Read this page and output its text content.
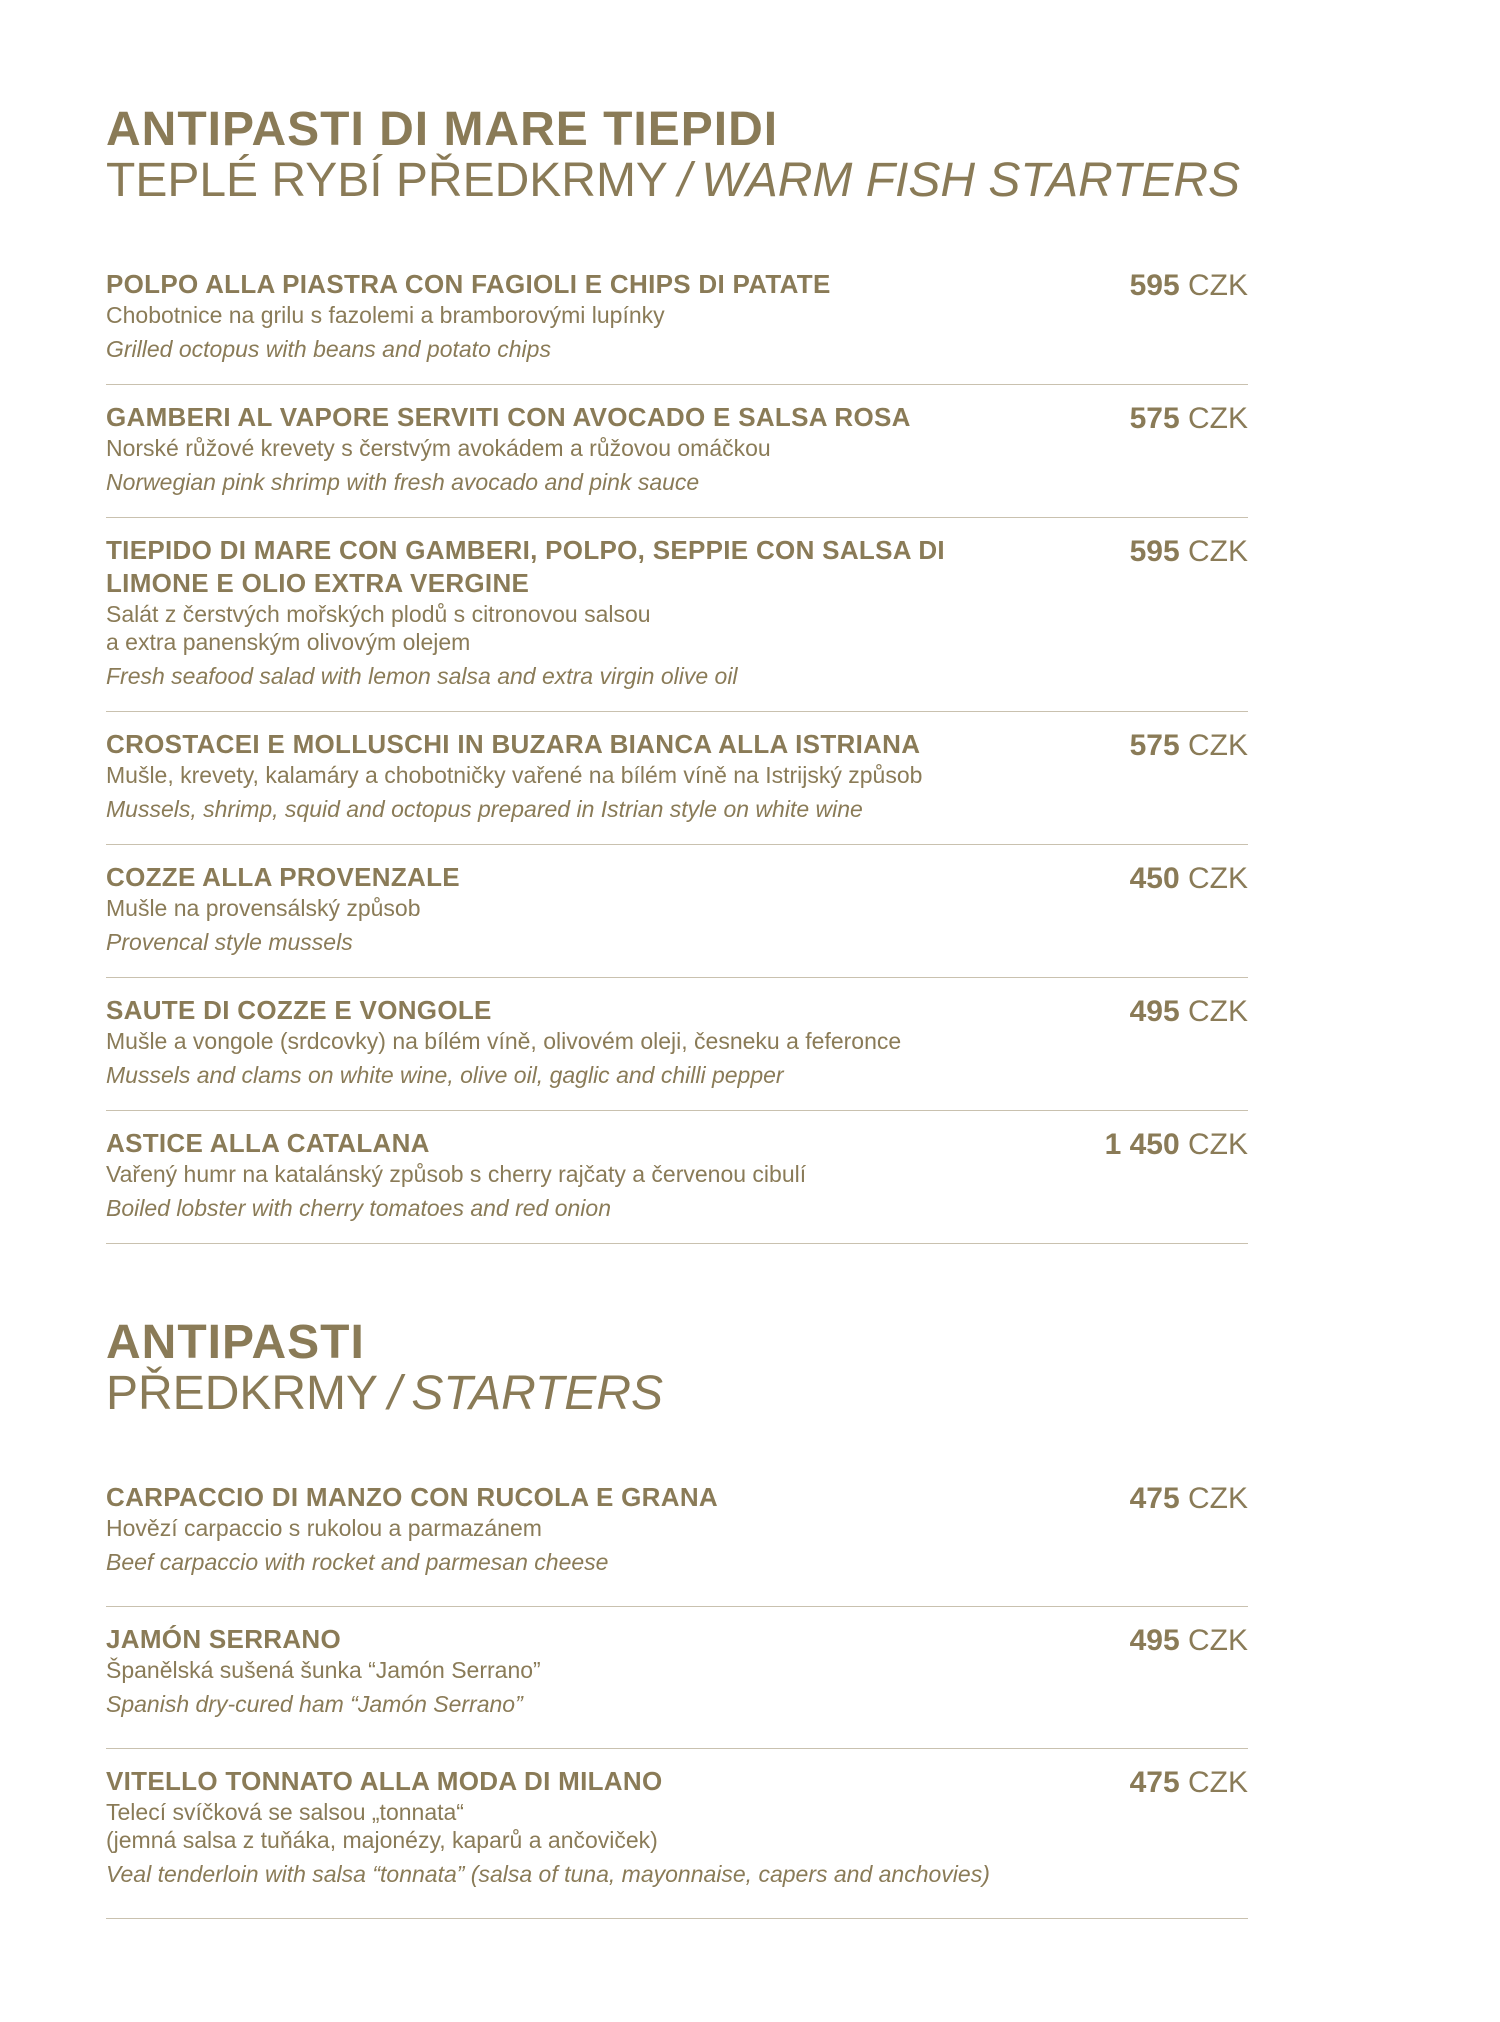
ANTIPASTI DI MARE TIEPIDI
TEPLÉ RYBÍ PŘEDKRMY / WARM FISH STARTERS
POLPO ALLA PIASTRA CON FAGIOLI E CHIPS DI PATATE
Chobotnice na grilu s fazolemi a bramborovými lupínky
Grilled octopus with beans and potato chips
595 CZK
GAMBERI AL VAPORE SERVITI CON AVOCADO E SALSA ROSA
Norské růžové krevety s čerstvým avokádem a růžovou omáčkou
Norwegian pink shrimp with fresh avocado and pink sauce
575 CZK
TIEPIDO DI MARE CON GAMBERI, POLPO, SEPPIE CON SALSA DI LIMONE E OLIO EXTRA VERGINE
Salát z čerstvých mořských plodů s citronovou salsou
a extra panenským olivovým olejem
Fresh seafood salad with lemon salsa and extra virgin olive oil
595 CZK
CROSTACEI E MOLLUSCHI IN BUZARA BIANCA ALLA ISTRIANA
Mušle, krevety, kalamáry a chobotničky vařené na bílém víně na Istrijský způsob
Mussels, shrimp, squid and octopus prepared in Istrian style on white wine
575 CZK
COZZE ALLA PROVENZALE
Mušle na provensálský způsob
Provencal style mussels
450 CZK
SAUTE DI COZZE E VONGOLE
Mušle a vongole (srdcovky) na bílém víně, olivovém oleji, česneku a feferonce
Mussels and clams on white wine, olive oil, gaglic and chilli pepper
495 CZK
ASTICE ALLA CATALANA
Vařený humr na katalánský způsob s cherry rajčaty a červenou cibulí
Boiled lobster with cherry tomatoes and red onion
1 450 CZK
ANTIPASTI
PŘEDKRMY / STARTERS
CARPACCIO DI MANZO CON RUCOLA E GRANA
Hovězí carpaccio s rukolou a parmazánem
Beef carpaccio with rocket and parmesan cheese
475 CZK
JAMÓN SERRANO
Španělská sušená šunka “Jamón Serrano”
Spanish dry-cured ham “Jamón Serrano”
495 CZK
VITELLO TONNATO ALLA MODA DI MILANO
Telecí svíčková se salsou „tonnata“
(jemná salsa z tuňáka, majonézy, kaparů a ančoviček)
Veal tenderloin with salsa “tonnata” (salsa of tuna, mayonnaise, capers and anchovies)
475 CZK
